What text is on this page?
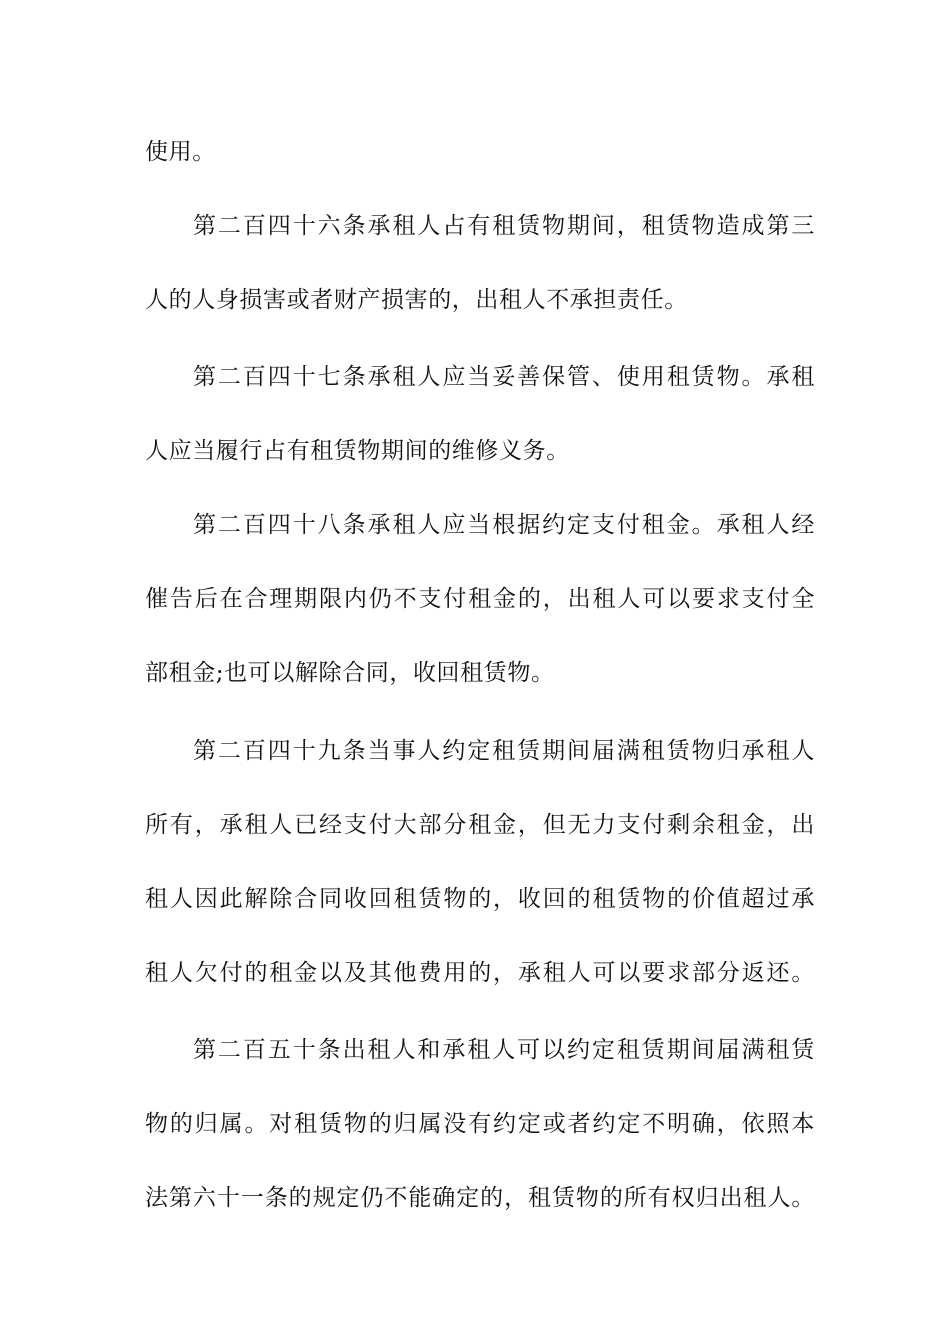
使用。
第二百四十六条承租人占有租赁物期间，租赁物造成第三
人的人身损害或者财产损害的，出租人不承担责任。
第二百四十七条承租人应当妥善保管、使用租赁物。承租
人应当履行占有租赁物期间的维修义务。
第二百四十八条承租人应当根据约定支付租金。承租人经
催告后在合理期限内仍不支付租金的，出租人可以要求支付全
部租金;也可以解除合同，收回租赁物。
第二百四十九条当事人约定租赁期间届满租赁物归承租人
所有，承租人已经支付大部分租金，但无力支付剩余租金，出
租人因此解除合同收回租赁物的，收回的租赁物的价值超过承
租人欠付的租金以及其他费用的，承租人可以要求部分返还。
第二百五十条出租人和承租人可以约定租赁期间届满租赁
物的归属。对租赁物的归属没有约定或者约定不明确，依照本
法第六十一条的规定仍不能确定的，租赁物的所有权归出租人。
